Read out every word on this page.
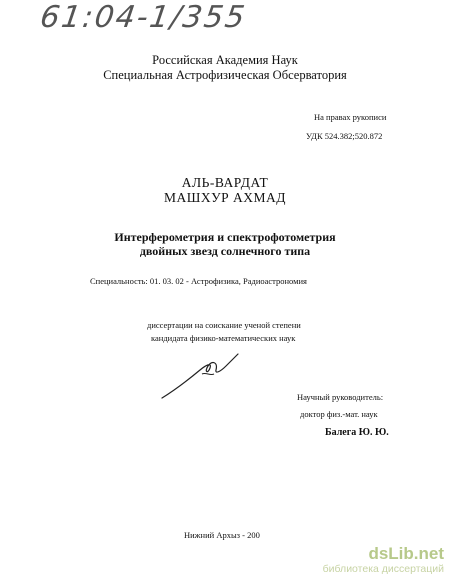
61:04-1/355
Российская Академия Наук
Специальная Астрофизическая Обсерватория
На правах рукописи
УДК 524.382;520.872
АЛЬ-ВАРДАТ
МАШХУР АХМАД
Интерферометрия и спектрофотометрия
двойных звезд солнечного типа
Специальность: 01. 03. 02 - Астрофизика, Радиоастрономия
диссертации на соискание ученой степени
кандидата физико-математических наук
Научный руководитель:
доктор физ.-мат. наук
Балега Ю. Ю.
Нижний Архыз - 200
dsLib.net
библиотека диссертаций
